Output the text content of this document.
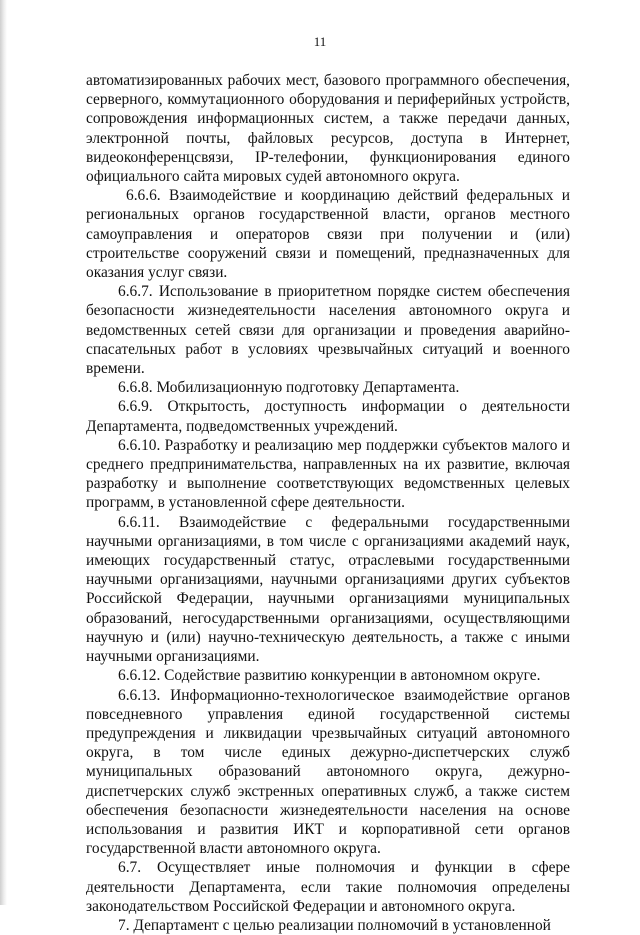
11

автоматизированных рабочих мест, базового программного обеспечения, серверного, коммутационного оборудования и периферийных устройств, сопровождения информационных систем, а также передачи данных, электронной почты, файловых ресурсов, доступа в Интернет, видеоконференцсвязи, IP-телефонии, функционирования единого официального сайта мировых судей автономного округа.

6.6.6. Взаимодействие и координацию действий федеральных и региональных органов государственной власти, органов местного самоуправления и операторов связи при получении и (или) строительстве сооружений связи и помещений, предназначенных для оказания услуг связи.

6.6.7. Использование в приоритетном порядке систем обеспечения безопасности жизнедеятельности населения автономного округа и ведомственных сетей связи для организации и проведения аварийно-спасательных работ в условиях чрезвычайных ситуаций и военного времени.

6.6.8. Мобилизационную подготовку Департамента.

6.6.9. Открытость, доступность информации о деятельности Департамента, подведомственных учреждений.

6.6.10. Разработку и реализацию мер поддержки субъектов малого и среднего предпринимательства, направленных на их развитие, включая разработку и выполнение соответствующих ведомственных целевых программ, в установленной сфере деятельности.

6.6.11. Взаимодействие с федеральными государственными научными организациями, в том числе с организациями академий наук, имеющих государственный статус, отраслевыми государственными научными организациями, научными организациями других субъектов Российской Федерации, научными организациями муниципальных образований, негосударственными организациями, осуществляющими научную и (или) научно-техническую деятельность, а также с иными научными организациями.

6.6.12. Содействие развитию конкуренции в автономном округе.

6.6.13. Информационно-технологическое взаимодействие органов повседневного управления единой государственной системы предупреждения и ликвидации чрезвычайных ситуаций автономного округа, в том числе единых дежурно-диспетчерских служб муниципальных образований автономного округа, дежурно-диспетчерских служб экстренных оперативных служб, а также систем обеспечения безопасности жизнедеятельности населения на основе использования и развития ИКТ и корпоративной сети органов государственной власти автономного округа.

6.7. Осуществляет иные полномочия и функции в сфере деятельности Департамента, если такие полномочия определены законодательством Российской Федерации и автономного округа.

7. Департамент с целью реализации полномочий в установленной
